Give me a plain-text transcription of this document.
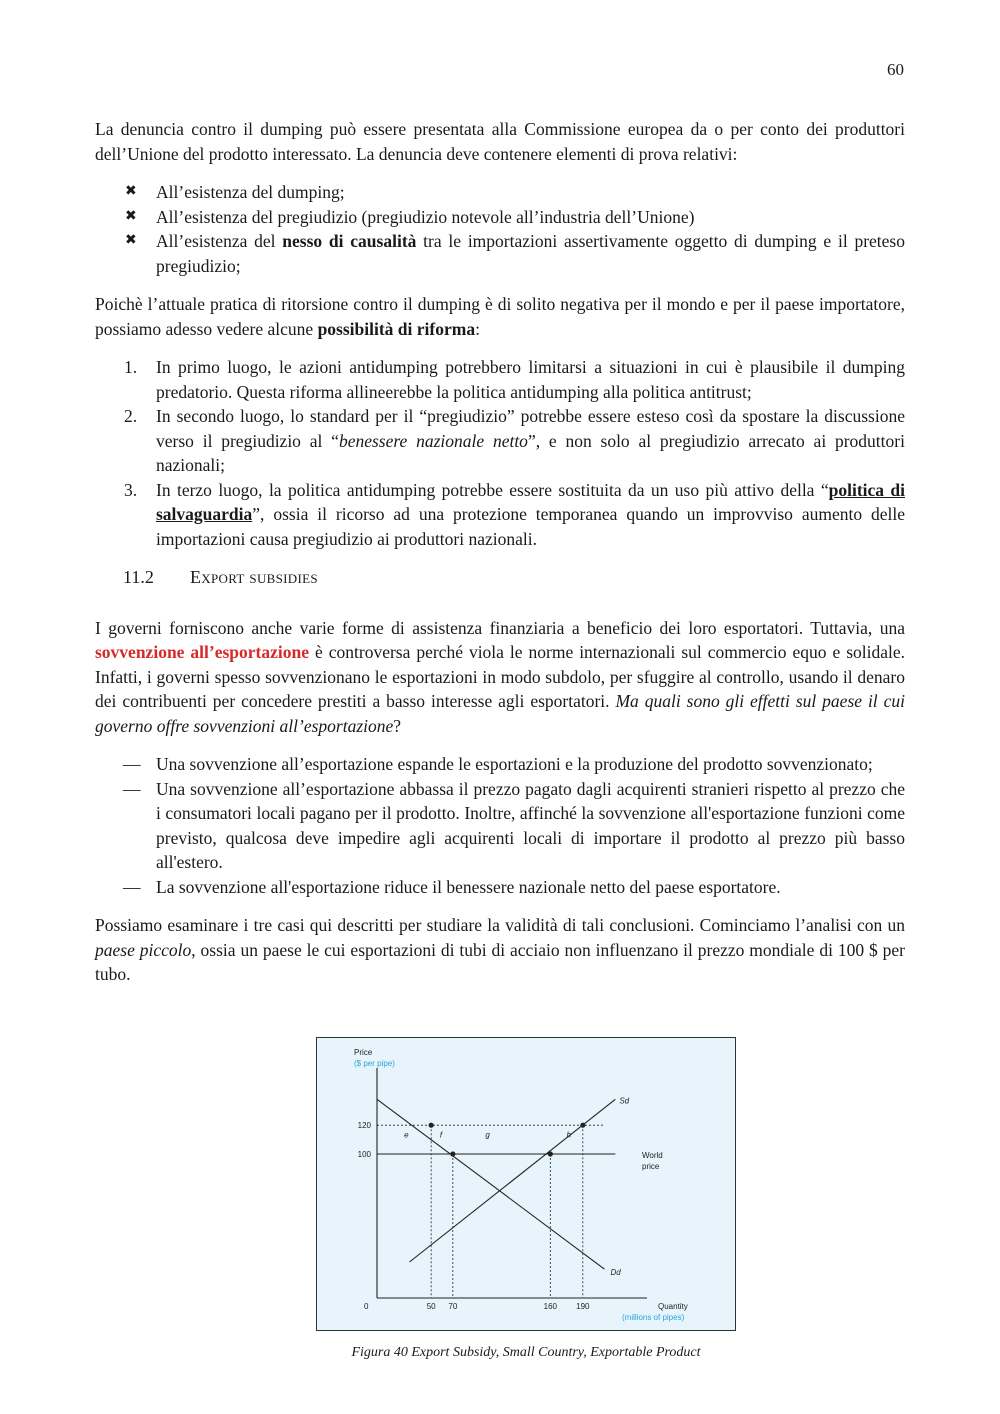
60

La denuncia contro il dumping può essere presentata alla Commissione europea da o per conto dei produttori dell’Unione del prodotto interessato. La denuncia deve contenere elementi di prova relativi:

✖ All’esistenza del dumping;
✖ All’esistenza del pregiudizio (pregiudizio notevole all’industria dell’Unione)
✖ All’esistenza del nesso di causalità tra le importazioni assertivamente oggetto di dumping e il preteso pregiudizio;

Poichè l’attuale pratica di ritorsione contro il dumping è di solito negativa per il mondo e per il paese importatore, possiamo adesso vedere alcune possibilità di riforma:

1. In primo luogo, le azioni antidumping potrebbero limitarsi a situazioni in cui è plausibile il dumping predatorio. Questa riforma allineerebbe la politica antidumping alla politica antitrust;
2. In secondo luogo, lo standard per il “pregiudizio” potrebbe essere esteso così da spostare la discussione verso il pregiudizio al “benessere nazionale netto”, e non solo al pregiudizio arrecato ai produttori nazionali;
3. In terzo luogo, la politica antidumping potrebbe essere sostituita da un uso più attivo della “politica di salvaguardia”, ossia il ricorso ad una protezione temporanea quando un improvviso aumento delle importazioni causa pregiudizio ai produttori nazionali.
11.2 Export subsidies

I governi forniscono anche varie forme di assistenza finanziaria a beneficio dei loro esportatori. Tuttavia, una sovvenzione all’esportazione è controversa perché viola le norme internazionali sul commercio equo e solidale. Infatti, i governi spesso sovvenzionano le esportazioni in modo subdolo, per sfuggire al controllo, usando il denaro dei contribuenti per concedere prestiti a basso interesse agli esportatori. Ma quali sono gli effetti sul paese il cui governo offre sovvenzioni all’esportazione?

— Una sovvenzione all’esportazione espande le esportazioni e la produzione del prodotto sovvenzionato;
— Una sovvenzione all’esportazione abbassa il prezzo pagato dagli acquirenti stranieri rispetto al prezzo che i consumatori locali pagano per il prodotto. Inoltre, affinché la sovvenzione all'esportazione funzioni come previsto, qualcosa deve impedire agli acquirenti locali di importare il prodotto al prezzo più basso all'estero.
— La sovvenzione all'esportazione riduce il benessere nazionale netto del paese esportatore.

Possiamo esaminare i tre casi qui descritti per studiare la validità di tali conclusioni. Cominciamo l’analisi con un paese piccolo, ossia un paese le cui esportazioni di tubi di acciaio non influenzano il prezzo mondiale di 100 $ per tubo.

Price
($ per pipe)
Quantity
(millions of pipes)
0
World
price
50 70	160 190
100
120
Sd
Dd
e	f	g	h
Figura 40 Export Subsidy, Small Country, Exportable Product
